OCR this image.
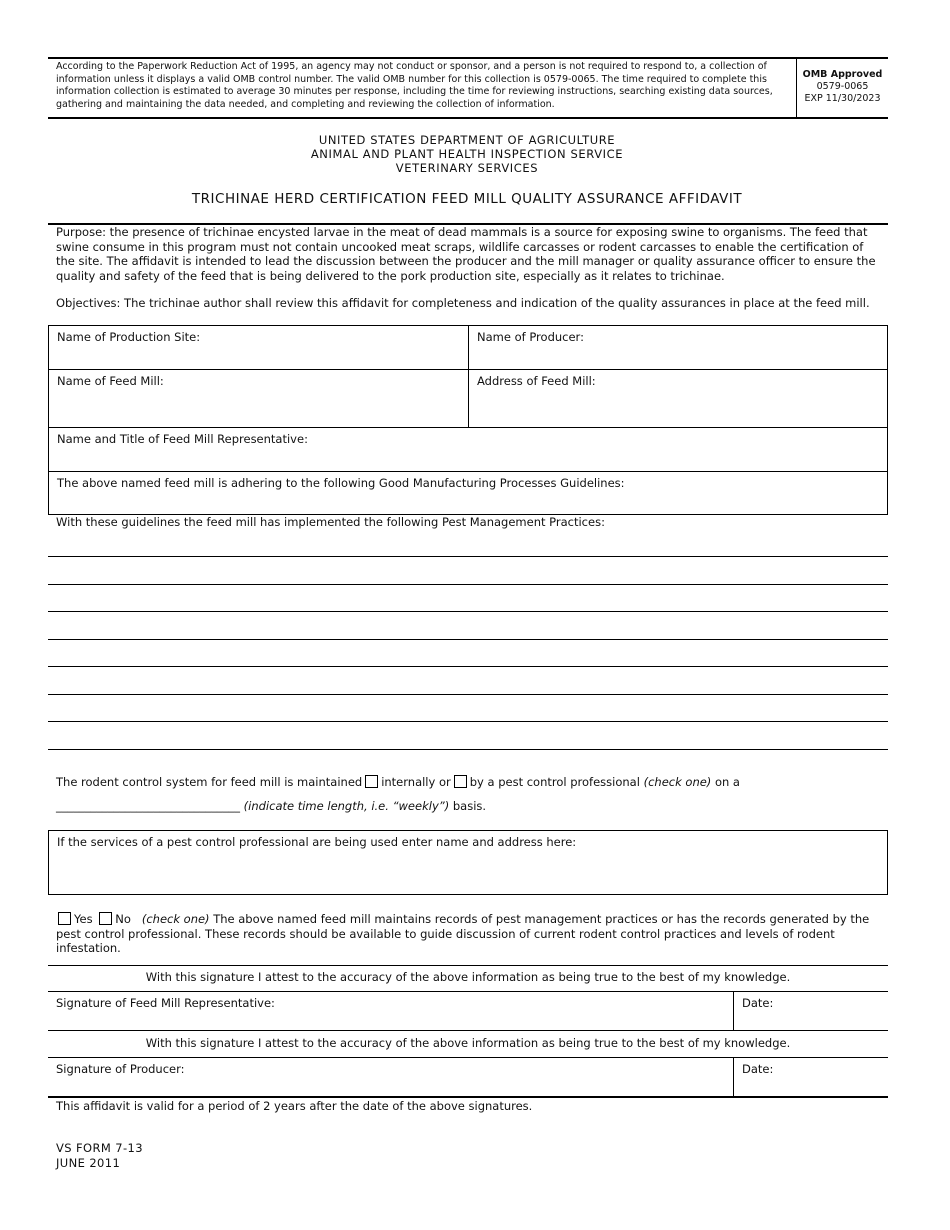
According to the Paperwork Reduction Act of 1995, an agency may not conduct or sponsor, and a person is not required to respond to, a collection of information unless it displays a valid OMB control number. The valid OMB number for this collection is 0579-0065. The time required to complete this information collection is estimated to average 30 minutes per response, including the time for reviewing instructions, searching existing data sources, gathering and maintaining the data needed, and completing and reviewing the collection of information.
OMB Approved
0579-0065
EXP 11/30/2023
UNITED STATES DEPARTMENT OF AGRICULTURE
ANIMAL AND PLANT HEALTH INSPECTION SERVICE
VETERINARY SERVICES
TRICHINAE HERD CERTIFICATION FEED MILL QUALITY ASSURANCE AFFIDAVIT
Purpose: the presence of trichinae encysted larvae in the meat of dead mammals is a source for exposing swine to organisms. The feed that swine consume in this program must not contain uncooked meat scraps, wildlife carcasses or rodent carcasses to enable the certification of the site. The affidavit is intended to lead the discussion between the producer and the mill manager or quality assurance officer to ensure the quality and safety of the feed that is being delivered to the pork production site, especially as it relates to trichinae.
Objectives: The trichinae author shall review this affidavit for completeness and indication of the quality assurances in place at the feed mill.
Name of Production Site:	Name of Producer:
Name of Feed Mill:	Address of Feed Mill:
Name and Title of Feed Mill Representative:
The above named feed mill is adhering to the following Good Manufacturing Processes Guidelines:
With these guidelines the feed mill has implemented the following Pest Management Practices:
The rodent control system for feed mill is maintained internally or by a pest control professional (check one) on a
________________________________ (indicate time length, i.e. “weekly”) basis.
If the services of a pest control professional are being used enter name and address here:
Yes No (check one) The above named feed mill maintains records of pest management practices or has the records generated by the pest control professional. These records should be available to guide discussion of current rodent control practices and levels of rodent infestation.
With this signature I attest to the accuracy of the above information as being true to the best of my knowledge.
Signature of Feed Mill Representative:	Date:
With this signature I attest to the accuracy of the above information as being true to the best of my knowledge.
Signature of Producer:	Date:
This affidavit is valid for a period of 2 years after the date of the above signatures.
VS FORM 7-13
JUNE 2011
